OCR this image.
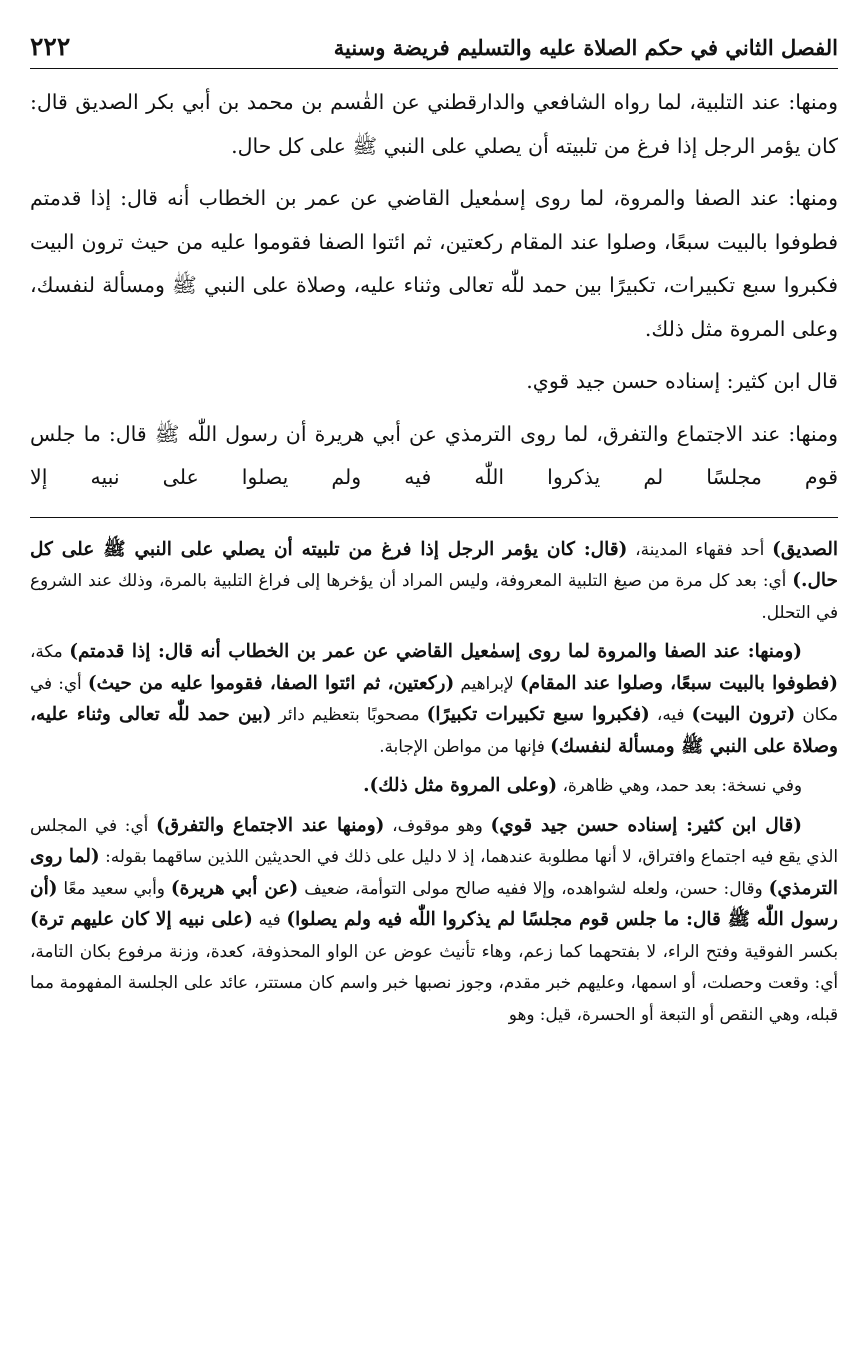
الفصل الثاني في حكم الصلاة عليه والتسليم فريضة وسنية
٢٢٢

ومنها: عند التلبية، لما رواه الشافعي والدارقطني عن القٰسم بن محمد بن أبي بكر الصديق قال: كان يؤمر الرجل إذا فرغ من تلبيته أن يصلي على النبي ﷺ على كل حال.

ومنها: عند الصفا والمروة، لما روى إسمٰعيل القاضي عن عمر بن الخطاب أنه قال: إذا قدمتم فطوفوا بالبيت سبعًا، وصلوا عند المقام ركعتين، ثم ائتوا الصفا فقوموا عليه من حيث ترون البيت فكبروا سبع تكبيرات، تكبيرًا بين حمد للّٰه تعالى وثناء عليه، وصلاة على النبي ﷺ ومسألة لنفسك، وعلى المروة مثل ذلك.

قال ابن كثير: إسناده حسن جيد قوي.

ومنها: عند الاجتماع والتفرق، لما روى الترمذي عن أبي هريرة أن رسول اللّٰه ﷺ قال: ما جلس قوم مجلسًا لم يذكروا اللّٰه فيه ولم يصلوا على نبيه إلا

الصديق) أحد فقهاء المدينة، (قال: كان يؤمر الرجل إذا فرغ من تلبيته أن يصلي على النبي ﷺ على كل حال.) أي: بعد كل مرة من صيغ التلبية المعروفة، وليس المراد أن يؤخرها إلى فراغ التلبية بالمرة، وذلك عند الشروع في التحلل.

(ومنها: عند الصفا والمروة لما روى إسمٰعيل القاضي عن عمر بن الخطاب أنه قال: إذا قدمتم) مكة، (فطوفوا بالبيت سبعًا، وصلوا عند المقام) لإبراهيم (ركعتين، ثم ائتوا الصفا، فقوموا عليه من حيث) أي: في مكان (ترون البيت) فيه، (فكبروا سبع تكبيرات تكبيرًا) مصحوبًا بتعظيم دائر (بين حمد للّٰه تعالى وثناء عليه، وصلاة على النبي ﷺ ومسألة لنفسك) فإنها من مواطن الإجابة.

وفي نسخة: بعد حمد، وهي ظاهرة، (وعلى المروة مثل ذلك).

(قال ابن كثير: إسناده حسن جيد قوي) وهو موقوف، (ومنها عند الاجتماع والتفرق) أي: في المجلس الذي يقع فيه اجتماع وافتراق، لا أنها مطلوبة عندهما، إذ لا دليل على ذلك في الحديثين اللذين ساقهما بقوله: (لما روى الترمذي) وقال: حسن، ولعله لشواهده، وإلا ففيه صالح مولى التوأمة، ضعيف (عن أبي هريرة) وأبي سعيد معًا (أن رسول اللّٰه ﷺ قال: ما جلس قوم مجلسًا لم يذكروا اللّٰه فيه ولم يصلوا) فيه (على نبيه إلا كان عليهم ترة) بكسر الفوقية وفتح الراء، لا بفتحهما كما زعم، وهاء تأنيث عوض عن الواو المحذوفة، كعدة، وزنة مرفوع بكان التامة، أي: وقعت وحصلت، أو اسمها، وعليهم خبر مقدم، وجوز نصبها خبر واسم كان مستتر، عائد على الجلسة المفهومة مما قبله، وهي النقص أو التبعة أو الحسرة، قيل: وهو
